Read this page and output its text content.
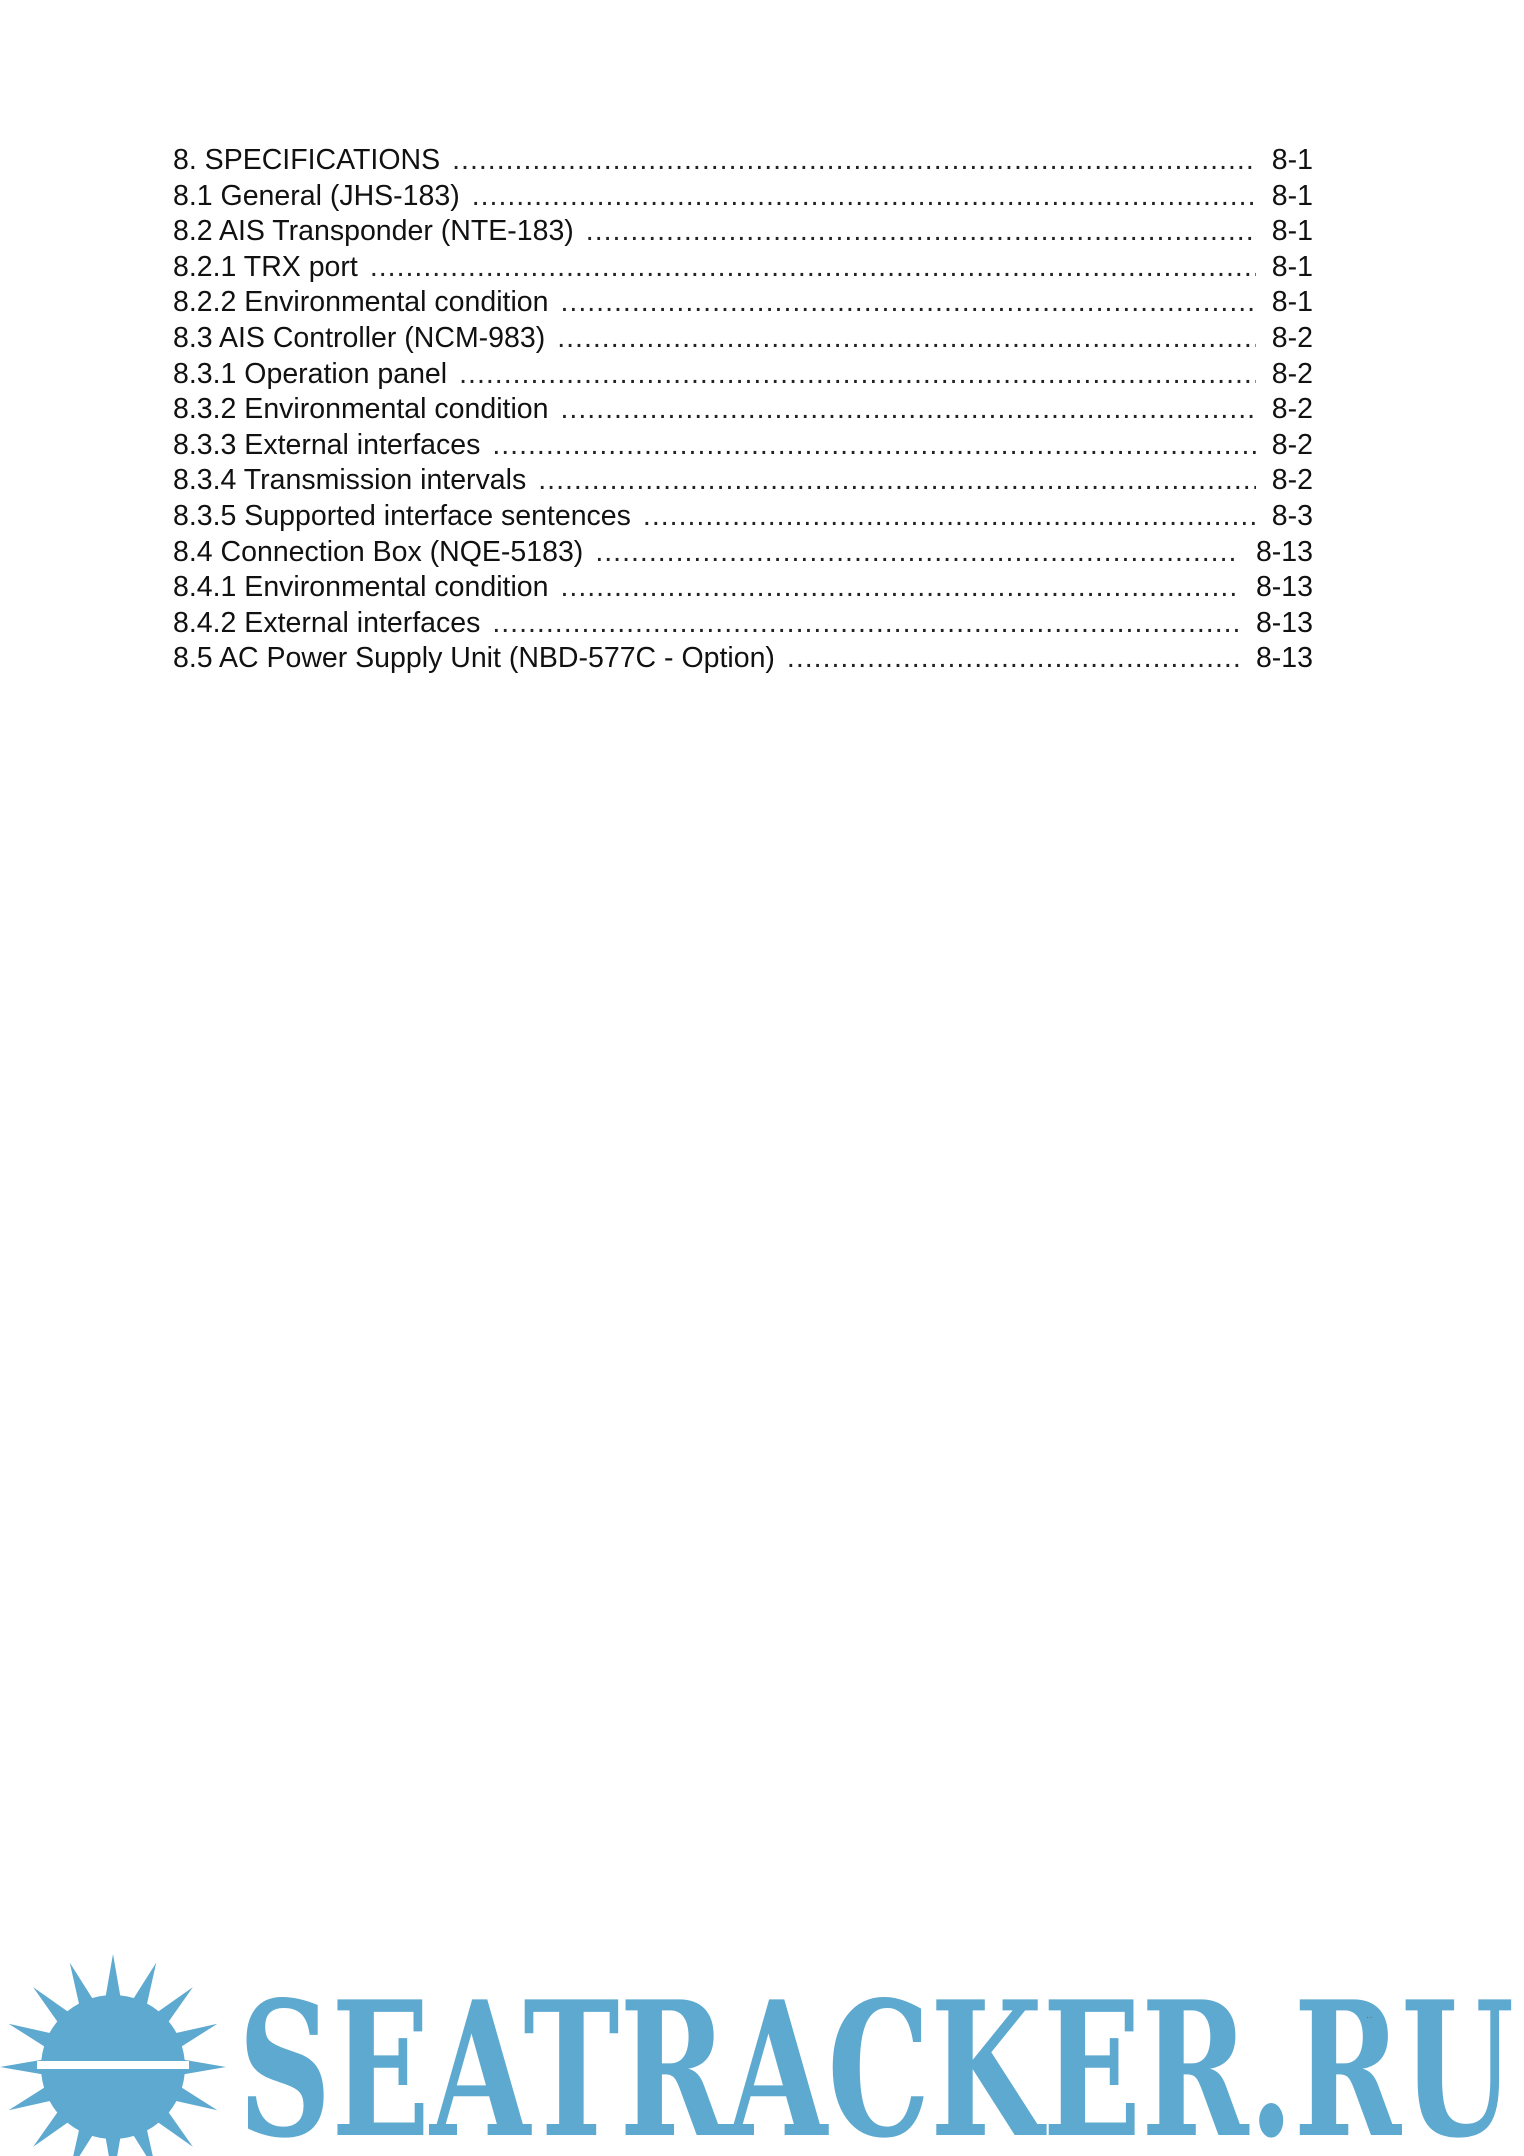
8. SPECIFICATIONS .....	8-1
8.1 General (JHS-183) .....	8-1
8.2 AIS Transponder (NTE-183) .....	8-1
8.2.1 TRX port .....	8-1
8.2.2 Environmental condition .....	8-1
8.3 AIS Controller (NCM-983) .....	8-2
8.3.1 Operation panel .....	8-2
8.3.2 Environmental condition .....	8-2
8.3.3 External interfaces .....	8-2
8.3.4 Transmission intervals .....	8-2
8.3.5 Supported interface sentences .....	8-3
8.4 Connection Box (NQE-5183) .....	8-13
8.4.1 Environmental condition .....	8-13
8.4.2 External interfaces .....	8-13
8.5 AC Power Supply Unit (NBD-577C - Option) .....	8-13
SEATRACKER.RU
··
